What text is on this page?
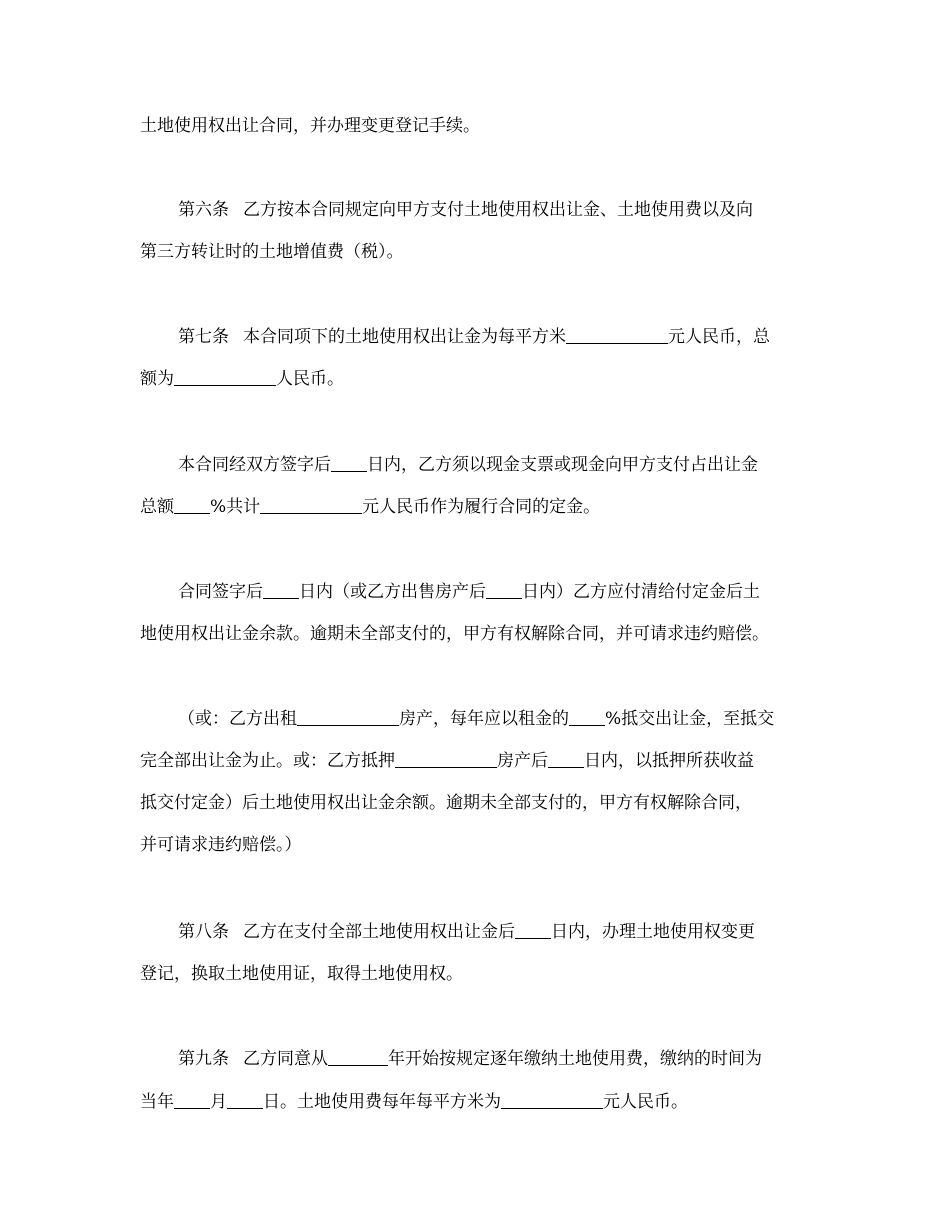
土地使用权出让合同，并办理变更登记手续。
第六条 乙方按本合同规定向甲方支付土地使用权出让金、土地使用费以及向
第三方转让时的土地增值费（税）。
第七条 本合同项下的土地使用权出让金为每平方米	元人民币，总
额为	人民币。
本合同经双方签字后 日内，乙方须以现金支票或现金向甲方支付占出让金
总额 %共计	元人民币作为履行合同的定金。
合同签字后 日内（或乙方出售房产后 日内）乙方应付清给付定金后土
地使用权出让金余款。逾期未全部支付的，甲方有权解除合同，并可请求违约赔偿。
（或：乙方出租	房产，每年应以租金的 %抵交出让金，至抵交
完全部出让金为止。或：乙方抵押	房产后 日内，以抵押所获收益
抵交付定金）后土地使用权出让金余额。逾期未全部支付的，甲方有权解除合同，
并可请求违约赔偿。）
第八条 乙方在支付全部土地使用权出让金后 日内，办理土地使用权变更
登记，换取土地使用证，取得土地使用权。
第九条 乙方同意从	年开始按规定逐年缴纳土地使用费，缴纳的时间为
当年 月 日。土地使用费每年每平方米为	元人民币。
